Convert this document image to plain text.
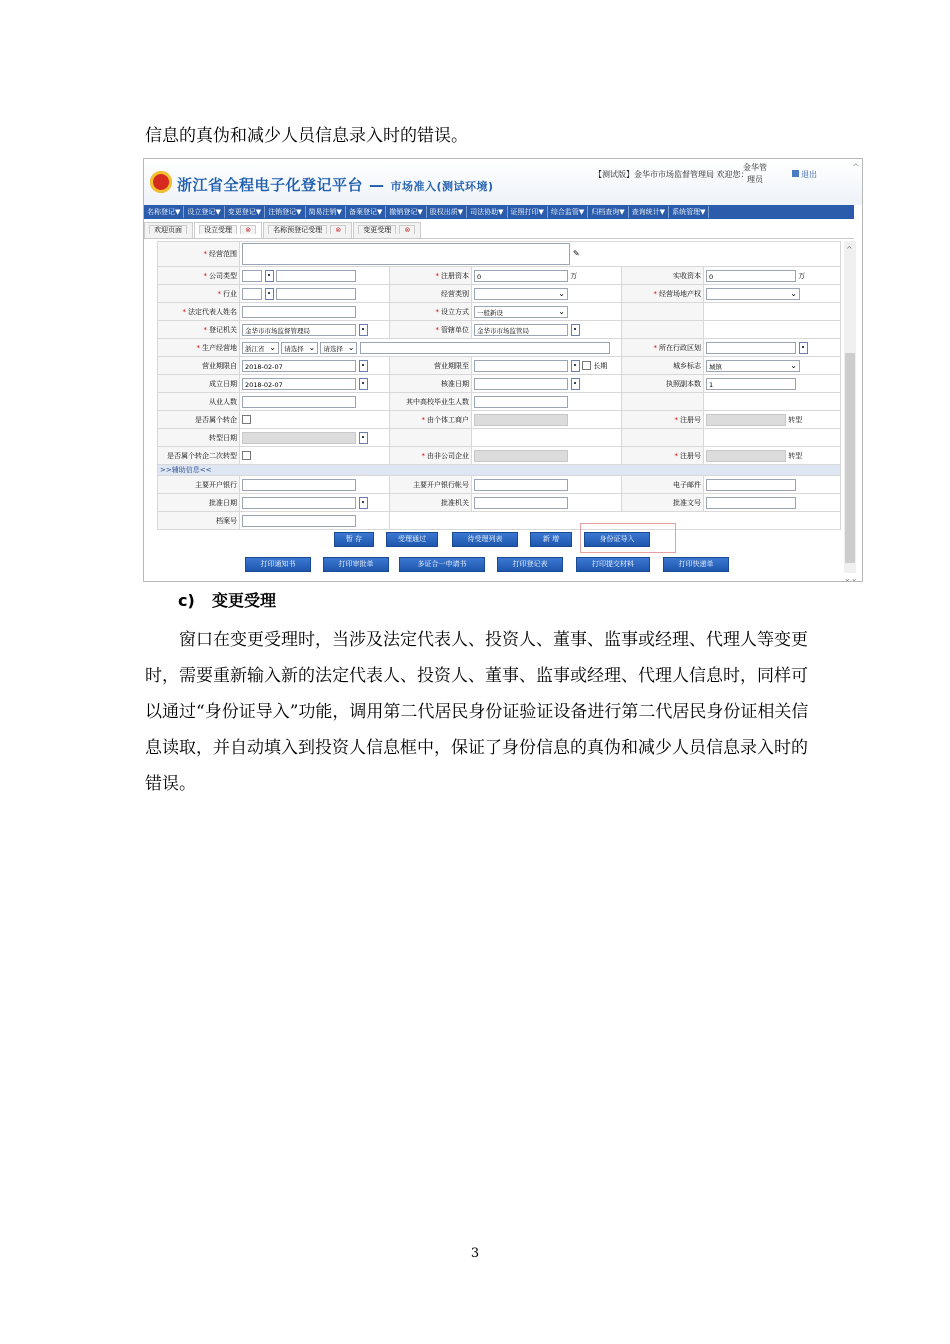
信息的真伪和减少人员信息录入时的错误。
浙江省全程电子化登记平台 — 市场准入(测试环境)
【测试版】金华市市场监督管理局 欢迎您：
金华管理员
退出
^
名称登记▼	设立登记▼	变更登记▼	注销登记▼	简易注销▼	备案登记▼	撤销登记▼	股权出质▼	司法协助▼	证照打印▼	综合监管▼	归档查询▼	查询统计▼	系统管理▼
欢迎页面	设立受理 ⊗	名称预登记受理 ⊗	变更受理 ⊗
* 经营范围	✎				
* 公司类型		* 注册资本	0 万	实收资本	0 万
* 行业		经营类别	⌄	* 经营场地产权	⌄
* 法定代表人姓名		* 设立方式	一般新设 ⌄		
* 登记机关	金华市市场监督管理局	* 管辖单位	金华市市场监管局		
* 生产经营地	浙江省 ⌄ 请选择 ⌄ 请选择 ⌄			* 所在行政区划	
营业期限自	2018-02-07	营业期限至	长期	城乡标志	城镇 ⌄
成立日期	2018-02-07	核准日期		执照副本数	1
从业人数		其中高校毕业生人数			
是否属个转企		* 由个体工商户		* 注册号	转型
转型日期					
是否属个转企二次转型		* 由非公司企业		* 注册号	转型
>>辅助信息<<					
主要开户银行		主要开户银行帐号		电子邮件	
批准日期		批准机关		批准文号	
档案号					
暂 存	受理通过	待受理列表	新 增	身份证导入
打印通知书	打印审批单	多证合一申请书	打印登记表	打印提交材料	打印快递单
^
⌄⌄
c) 变更受理
窗口在变更受理时，当涉及法定代表人、投资人、董事、监事或经理、代理人等变更时，需要重新输入新的法定代表人、投资人、董事、监事或经理、代理人信息时，同样可以通过“身份证导入”功能，调用第二代居民身份证验证设备进行第二代居民身份证相关信息读取，并自动填入到投资人信息框中，保证了身份信息的真伪和减少人员信息录入时的错误。
3
